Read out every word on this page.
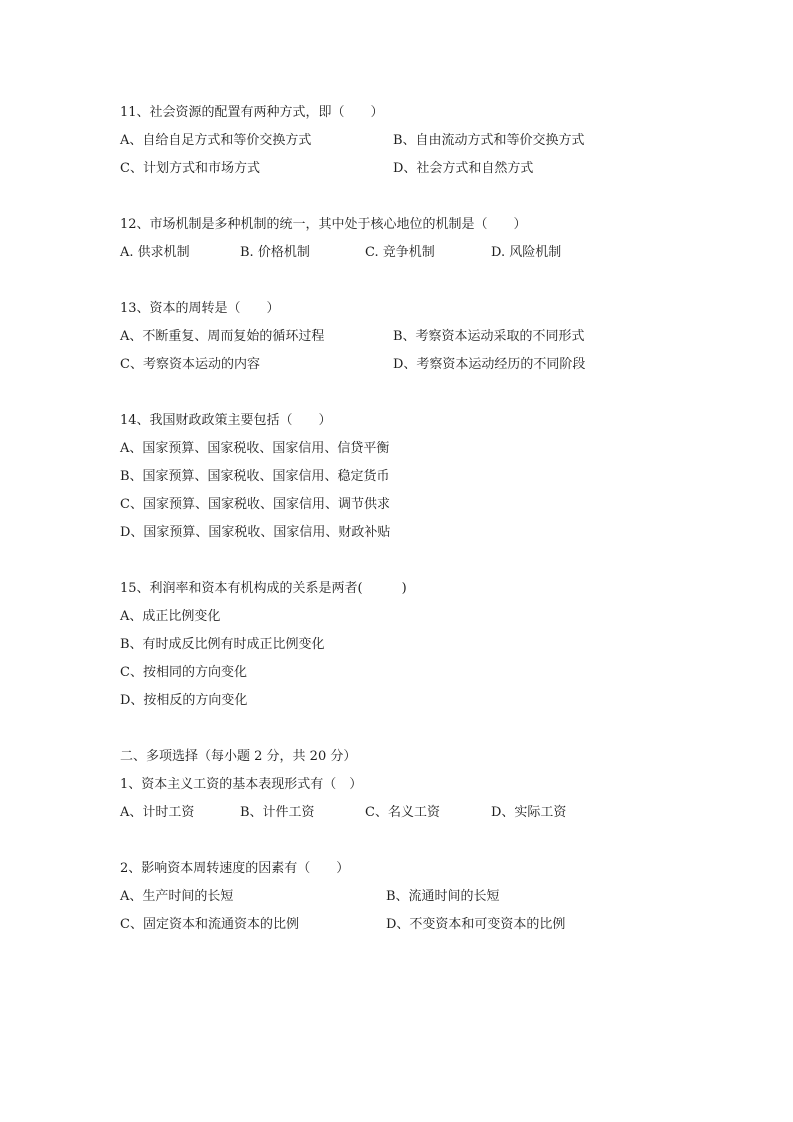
11、社会资源的配置有两种方式，即（　　）
A、自给自足方式和等价交换方式	B、自由流动方式和等价交换方式
C、计划方式和市场方式	D、社会方式和自然方式
12、市场机制是多种机制的统一，其中处于核心地位的机制是（　　）
A. 供求机制	B. 价格机制	C. 竞争机制	D. 风险机制
13、资本的周转是（　　）
A、不断重复、周而复始的循环过程	B、考察资本运动采取的不同形式
C、考察资本运动的内容	D、考察资本运动经历的不同阶段
14、我国财政政策主要包括（　　）
A、国家预算、国家税收、国家信用、信贷平衡
B、国家预算、国家税收、国家信用、稳定货币
C、国家预算、国家税收、国家信用、调节供求
D、国家预算、国家税收、国家信用、财政补贴
15、利润率和资本有机构成的关系是两者(　　　)
A、成正比例变化
B、有时成反比例有时成正比例变化
C、按相同的方向变化
D、按相反的方向变化
二、多项选择（每小题 2 分，共 20 分）
1、资本主义工资的基本表现形式有（　）
A、计时工资	B、计件工资	C、名义工资	D、实际工资
2、影响资本周转速度的因素有（　　）
A、生产时间的长短	B、流通时间的长短
C、固定资本和流通资本的比例	D、不变资本和可变资本的比例
